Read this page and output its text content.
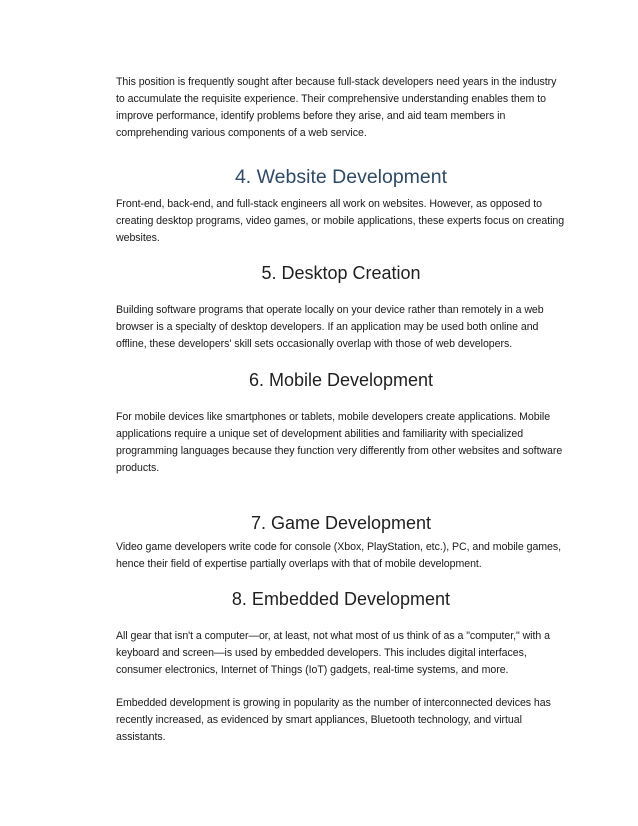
This position is frequently sought after because full-stack developers need years in the industry to accumulate the requisite experience. Their comprehensive understanding enables them to improve performance, identify problems before they arise, and aid team members in comprehending various components of a web service.

4. Website Development

Front-end, back-end, and full-stack engineers all work on websites. However, as opposed to creating desktop programs, video games, or mobile applications, these experts focus on creating websites.

5. Desktop Creation

Building software programs that operate locally on your device rather than remotely in a web browser is a specialty of desktop developers. If an application may be used both online and offline, these developers' skill sets occasionally overlap with those of web developers.

6. Mobile Development

For mobile devices like smartphones or tablets, mobile developers create applications. Mobile applications require a unique set of development abilities and familiarity with specialized programming languages because they function very differently from other websites and software products.

7. Game Development

Video game developers write code for console (Xbox, PlayStation, etc.), PC, and mobile games, hence their field of expertise partially overlaps with that of mobile development.

8. Embedded Development

All gear that isn't a computer—or, at least, not what most of us think of as a "computer," with a keyboard and screen—is used by embedded developers. This includes digital interfaces, consumer electronics, Internet of Things (IoT) gadgets, real-time systems, and more.

Embedded development is growing in popularity as the number of interconnected devices has recently increased, as evidenced by smart appliances, Bluetooth technology, and virtual assistants.
